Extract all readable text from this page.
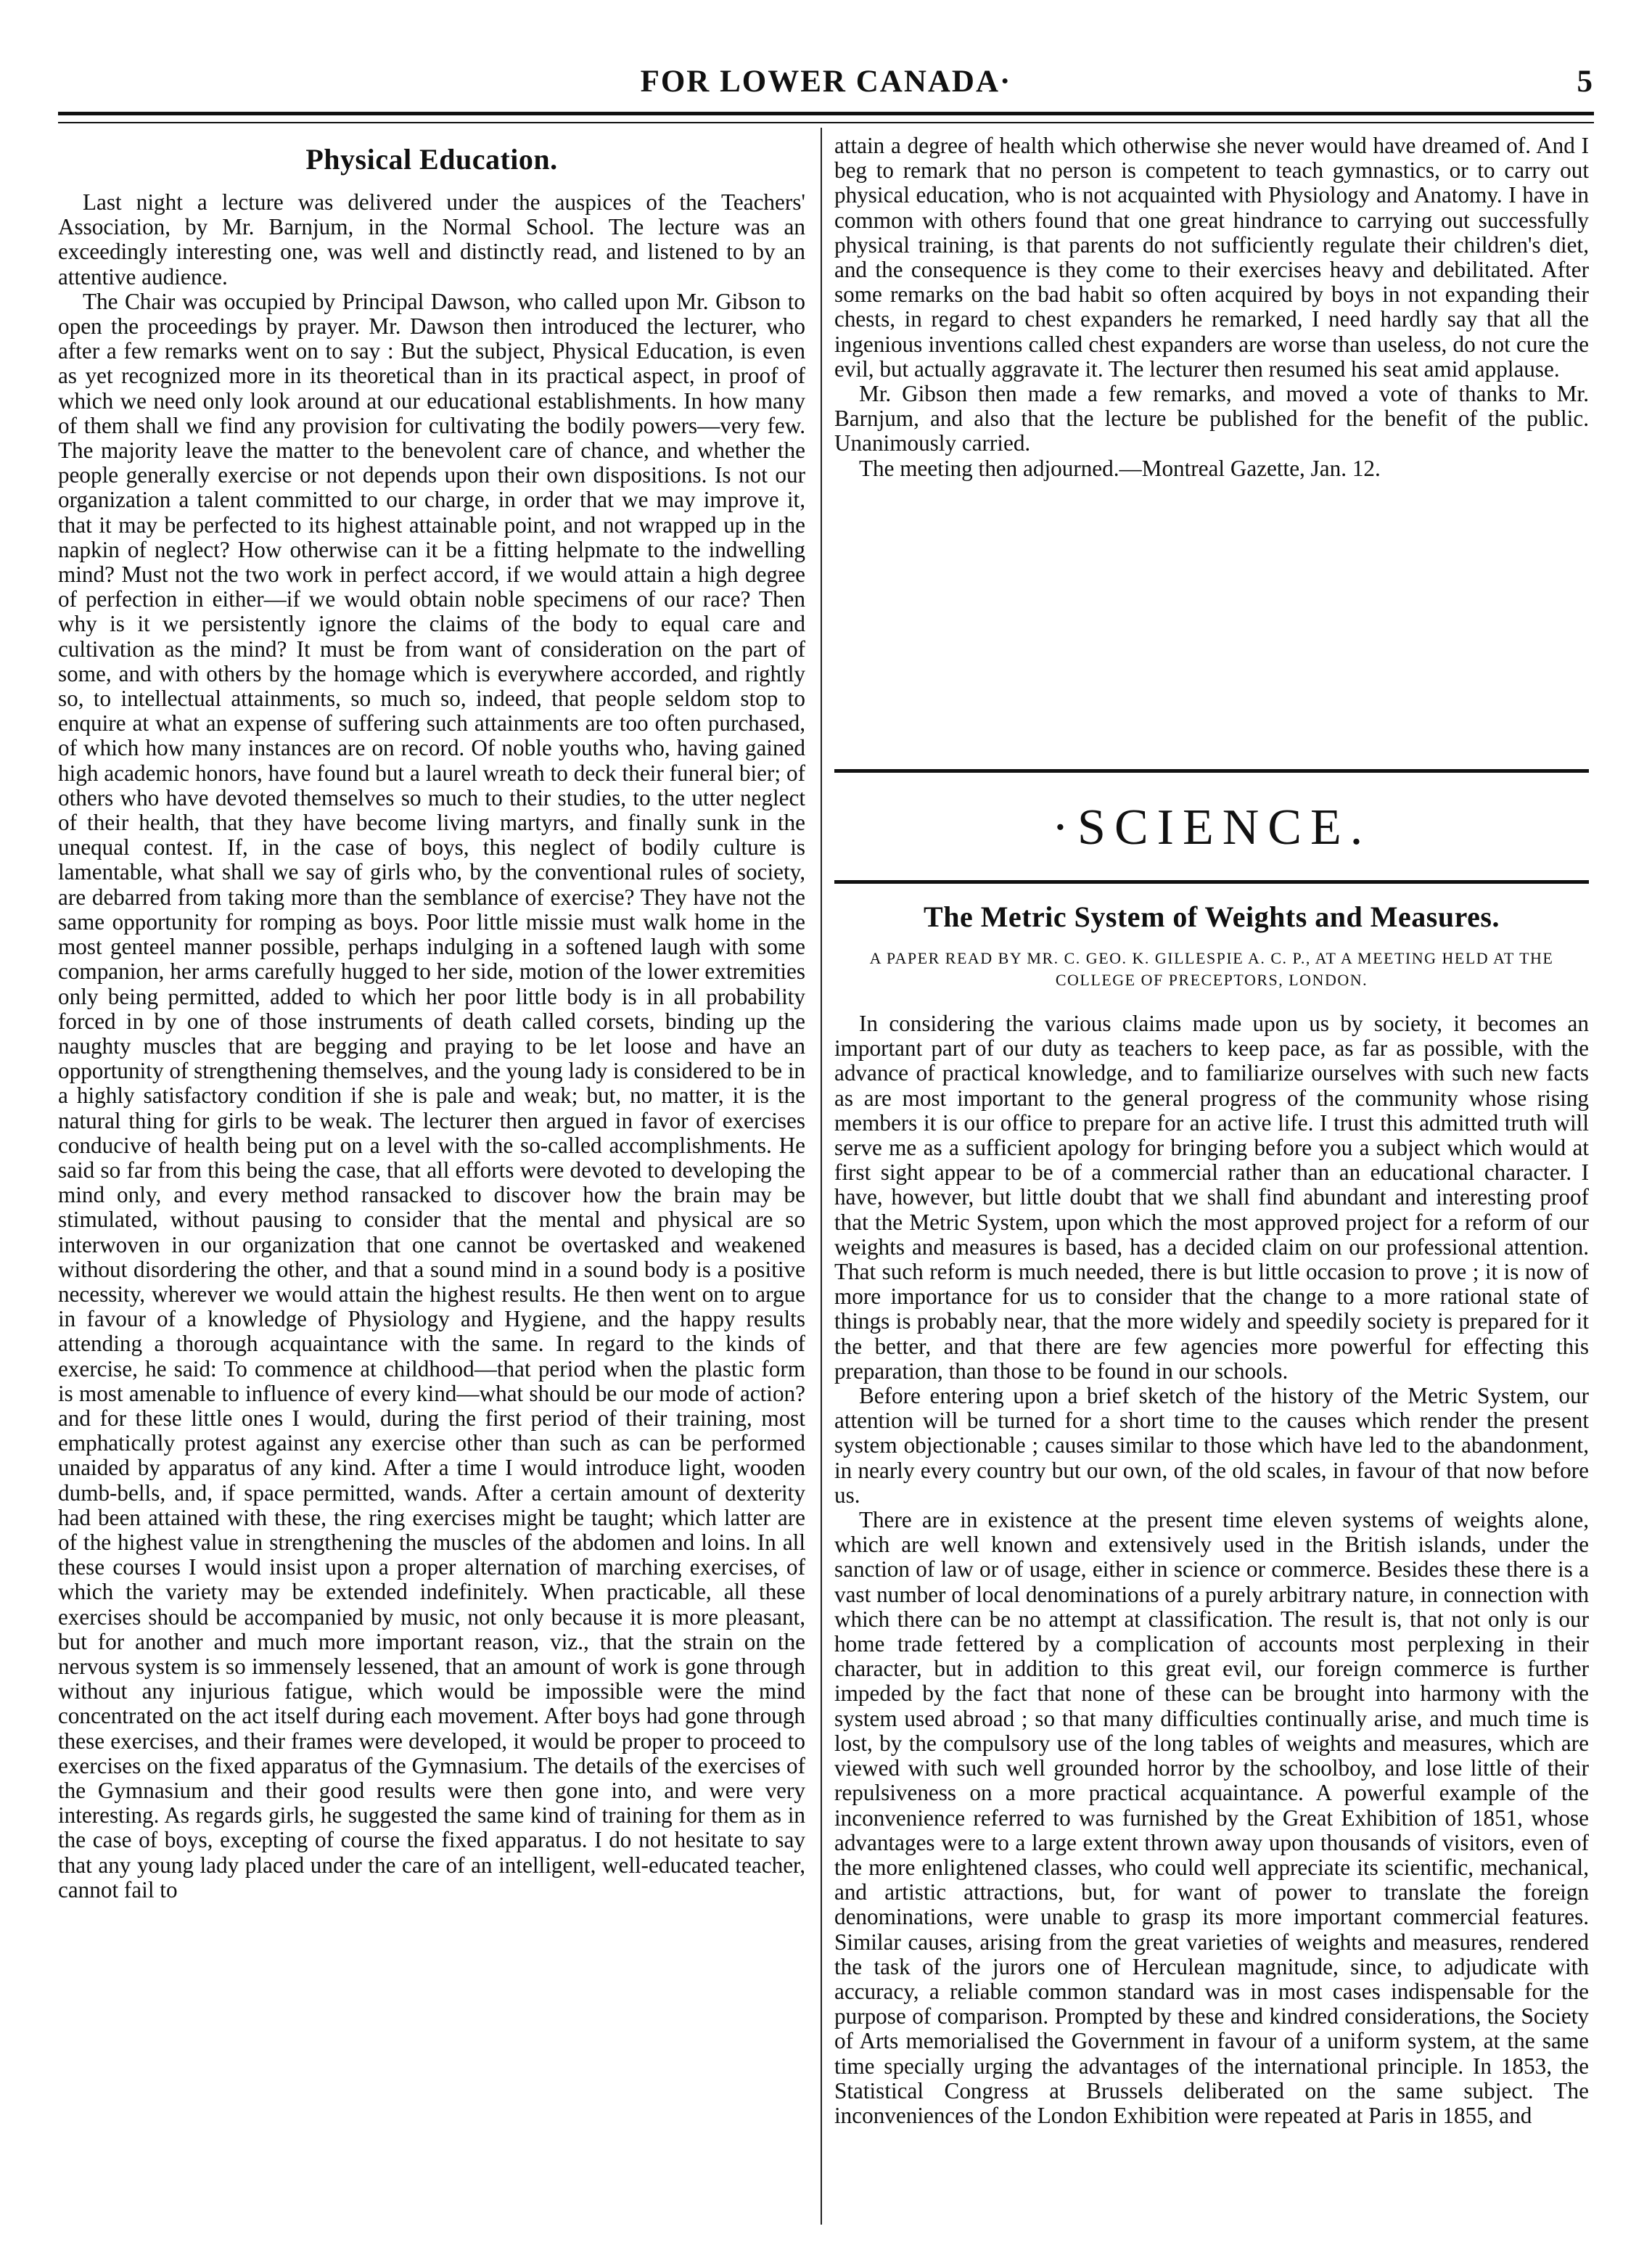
FOR LOWER CANADA·	5
Physical Education.

Last night a lecture was delivered under the auspices of the Teachers' Association, by Mr. Barnjum, in the Normal School. The lecture was an exceedingly interesting one, was well and distinctly read, and listened to by an attentive audience.

The Chair was occupied by Principal Dawson, who called upon Mr. Gibson to open the proceedings by prayer. Mr. Dawson then introduced the lecturer, who after a few remarks went on to say : But the subject, Physical Education, is even as yet recognized more in its theoretical than in its practical aspect, in proof of which we need only look around at our educational establishments. In how many of them shall we find any provision for cultivating the bodily powers—very few. The majority leave the matter to the benevolent care of chance, and whether the people generally exercise or not depends upon their own dispositions. Is not our organization a talent committed to our charge, in order that we may improve it, that it may be perfected to its highest attainable point, and not wrapped up in the napkin of neglect? How otherwise can it be a fitting helpmate to the indwelling mind? Must not the two work in perfect accord, if we would attain a high degree of perfection in either—if we would obtain noble specimens of our race? Then why is it we persistently ignore the claims of the body to equal care and cultivation as the mind? It must be from want of consideration on the part of some, and with others by the homage which is everywhere accorded, and rightly so, to intellectual attainments, so much so, indeed, that people seldom stop to enquire at what an expense of suffering such attainments are too often purchased, of which how many instances are on record. Of noble youths who, having gained high academic honors, have found but a laurel wreath to deck their funeral bier; of others who have devoted themselves so much to their studies, to the utter neglect of their health, that they have become living martyrs, and finally sunk in the unequal contest. If, in the case of boys, this neglect of bodily culture is lamentable, what shall we say of girls who, by the conventional rules of society, are debarred from taking more than the semblance of exercise? They have not the same opportunity for romping as boys. Poor little missie must walk home in the most genteel manner possible, perhaps indulging in a softened laugh with some companion, her arms carefully hugged to her side, motion of the lower extremities only being permitted, added to which her poor little body is in all probability forced in by one of those instruments of death called corsets, binding up the naughty muscles that are begging and praying to be let loose and have an opportunity of strengthening themselves, and the young lady is considered to be in a highly satisfactory condition if she is pale and weak; but, no matter, it is the natural thing for girls to be weak. The lecturer then argued in favor of exercises conducive of health being put on a level with the so-called accomplishments. He said so far from this being the case, that all efforts were devoted to developing the mind only, and every method ransacked to discover how the brain may be stimulated, without pausing to consider that the mental and physical are so interwoven in our organization that one cannot be overtasked and weakened without disordering the other, and that a sound mind in a sound body is a positive necessity, wherever we would attain the highest results. He then went on to argue in favour of a knowledge of Physiology and Hygiene, and the happy results attending a thorough acquaintance with the same. In regard to the kinds of exercise, he said: To commence at childhood—that period when the plastic form is most amenable to influence of every kind—what should be our mode of action? and for these little ones I would, during the first period of their training, most emphatically protest against any exercise other than such as can be performed unaided by apparatus of any kind. After a time I would introduce light, wooden dumb-bells, and, if space permitted, wands. After a certain amount of dexterity had been attained with these, the ring exercises might be taught; which latter are of the highest value in strengthening the muscles of the abdomen and loins. In all these courses I would insist upon a proper alternation of marching exercises, of which the variety may be extended indefinitely. When practicable, all these exercises should be accompanied by music, not only because it is more pleasant, but for another and much more important reason, viz., that the strain on the nervous system is so immensely lessened, that an amount of work is gone through without any injurious fatigue, which would be impossible were the mind concentrated on the act itself during each movement. After boys had gone through these exercises, and their frames were developed, it would be proper to proceed to exercises on the fixed apparatus of the Gymnasium. The details of the exercises of the Gymnasium and their good results were then gone into, and were very interesting. As regards girls, he suggested the same kind of training for them as in the case of boys, excepting of course the fixed apparatus. I do not hesitate to say that any young lady placed under the care of an intelligent, well-educated teacher, cannot fail to

attain a degree of health which otherwise she never would have dreamed of. And I beg to remark that no person is competent to teach gymnastics, or to carry out physical education, who is not acquainted with Physiology and Anatomy. I have in common with others found that one great hindrance to carrying out successfully physical training, is that parents do not sufficiently regulate their children's diet, and the consequence is they come to their exercises heavy and debilitated. After some remarks on the bad habit so often acquired by boys in not expanding their chests, in regard to chest expanders he remarked, I need hardly say that all the ingenious inventions called chest expanders are worse than useless, do not cure the evil, but actually aggravate it. The lecturer then resumed his seat amid applause.

Mr. Gibson then made a few remarks, and moved a vote of thanks to Mr. Barnjum, and also that the lecture be published for the benefit of the public. Unanimously carried.

The meeting then adjourned.—Montreal Gazette, Jan. 12.

·SCIENCE.
The Metric System of Weights and Measures.
A PAPER READ BY MR. C. GEO. K. GILLESPIE A. C. P., AT A MEETING HELD AT THE COLLEGE OF PRECEPTORS, LONDON.

In considering the various claims made upon us by society, it becomes an important part of our duty as teachers to keep pace, as far as possible, with the advance of practical knowledge, and to familiarize ourselves with such new facts as are most important to the general progress of the community whose rising members it is our office to prepare for an active life. I trust this admitted truth will serve me as a sufficient apology for bringing before you a subject which would at first sight appear to be of a commercial rather than an educational character. I have, however, but little doubt that we shall find abundant and interesting proof that the Metric System, upon which the most approved project for a reform of our weights and measures is based, has a decided claim on our professional attention. That such reform is much needed, there is but little occasion to prove ; it is now of more importance for us to consider that the change to a more rational state of things is probably near, that the more widely and speedily society is prepared for it the better, and that there are few agencies more powerful for effecting this preparation, than those to be found in our schools.

Before entering upon a brief sketch of the history of the Metric System, our attention will be turned for a short time to the causes which render the present system objectionable ; causes similar to those which have led to the abandonment, in nearly every country but our own, of the old scales, in favour of that now before us.

There are in existence at the present time eleven systems of weights alone, which are well known and extensively used in the British islands, under the sanction of law or of usage, either in science or commerce. Besides these there is a vast number of local denominations of a purely arbitrary nature, in connection with which there can be no attempt at classification. The result is, that not only is our home trade fettered by a complication of accounts most perplexing in their character, but in addition to this great evil, our foreign commerce is further impeded by the fact that none of these can be brought into harmony with the system used abroad ; so that many difficulties continually arise, and much time is lost, by the compulsory use of the long tables of weights and measures, which are viewed with such well grounded horror by the schoolboy, and lose little of their repulsiveness on a more practical acquaintance. A powerful example of the inconvenience referred to was furnished by the Great Exhibition of 1851, whose advantages were to a large extent thrown away upon thousands of visitors, even of the more enlightened classes, who could well appreciate its scientific, mechanical, and artistic attractions, but, for want of power to translate the foreign denominations, were unable to grasp its more important commercial features. Similar causes, arising from the great varieties of weights and measures, rendered the task of the jurors one of Herculean magnitude, since, to adjudicate with accuracy, a reliable common standard was in most cases indispensable for the purpose of comparison. Prompted by these and kindred considerations, the Society of Arts memorialised the Government in favour of a uniform system, at the same time specially urging the advantages of the international principle. In 1853, the Statistical Congress at Brussels deliberated on the same subject. The inconveniences of the London Exhibition were repeated at Paris in 1855, and
